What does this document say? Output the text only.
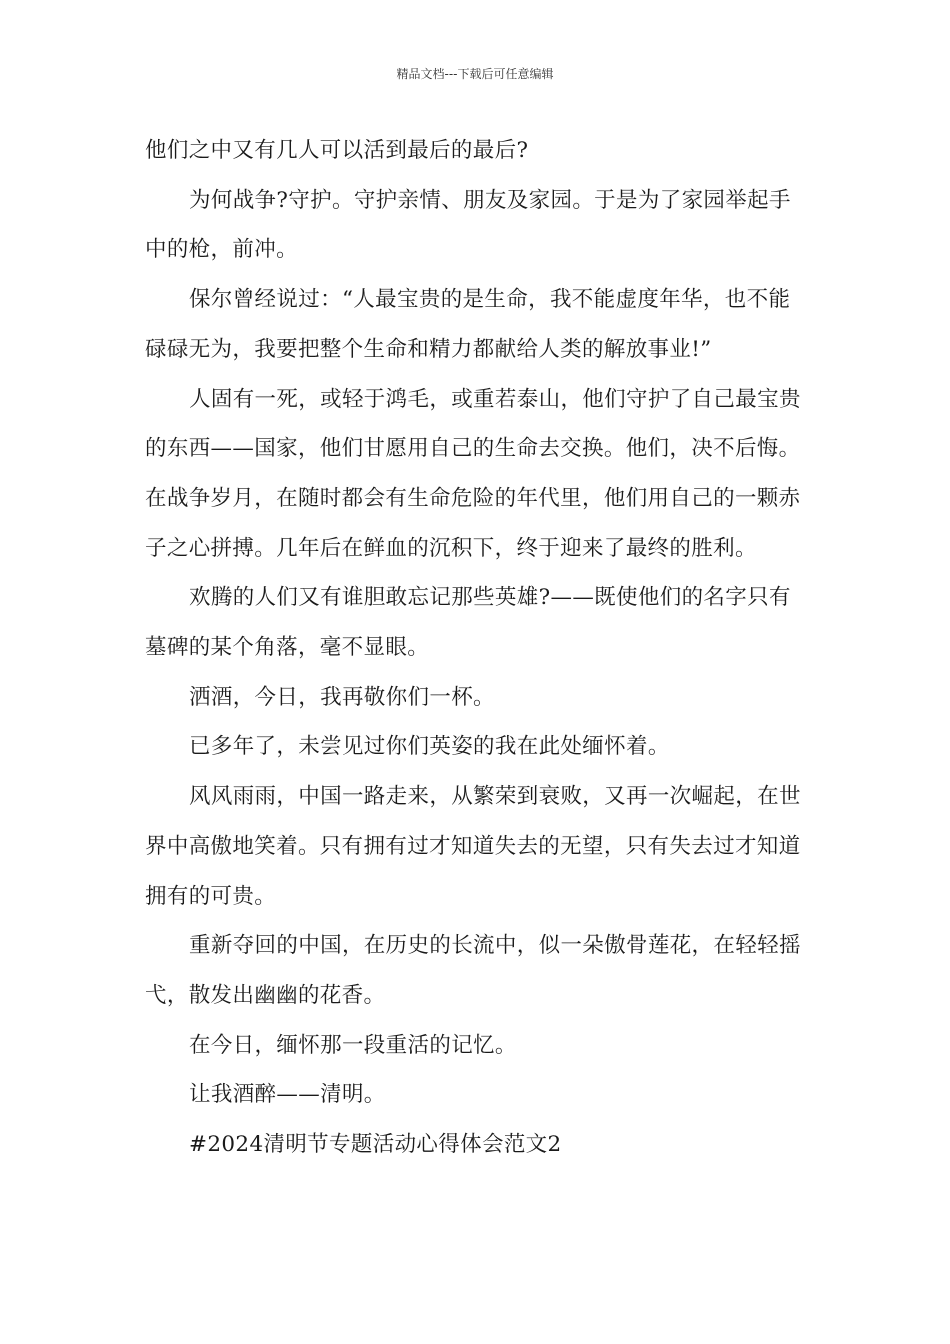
精品文档---下载后可任意编辑

他们之中又有几人可以活到最后的最后?

为何战争?守护。守护亲情、朋友及家园。于是为了家园举起手中的枪，前冲。

保尔曾经说过：“人最宝贵的是生命，我不能虚度年华，也不能碌碌无为，我要把整个生命和精力都献给人类的解放事业!”

人固有一死，或轻于鸿毛，或重若泰山，他们守护了自己最宝贵的东西——国家，他们甘愿用自己的生命去交换。他们，决不后悔。在战争岁月，在随时都会有生命危险的年代里，他们用自己的一颗赤子之心拼搏。几年后在鲜血的沉积下，终于迎来了最终的胜利。

欢腾的人们又有谁胆敢忘记那些英雄?——既使他们的名字只有墓碑的某个角落，毫不显眼。

洒酒，今日，我再敬你们一杯。

已多年了，未尝见过你们英姿的我在此处缅怀着。

风风雨雨，中国一路走来，从繁荣到衰败，又再一次崛起，在世界中高傲地笑着。只有拥有过才知道失去的无望，只有失去过才知道拥有的可贵。

重新夺回的中国，在历史的长流中，似一朵傲骨莲花，在轻轻摇弋，散发出幽幽的花香。

在今日，缅怀那一段重活的记忆。

让我酒醉——清明。

#2024清明节专题活动心得体会范文2
